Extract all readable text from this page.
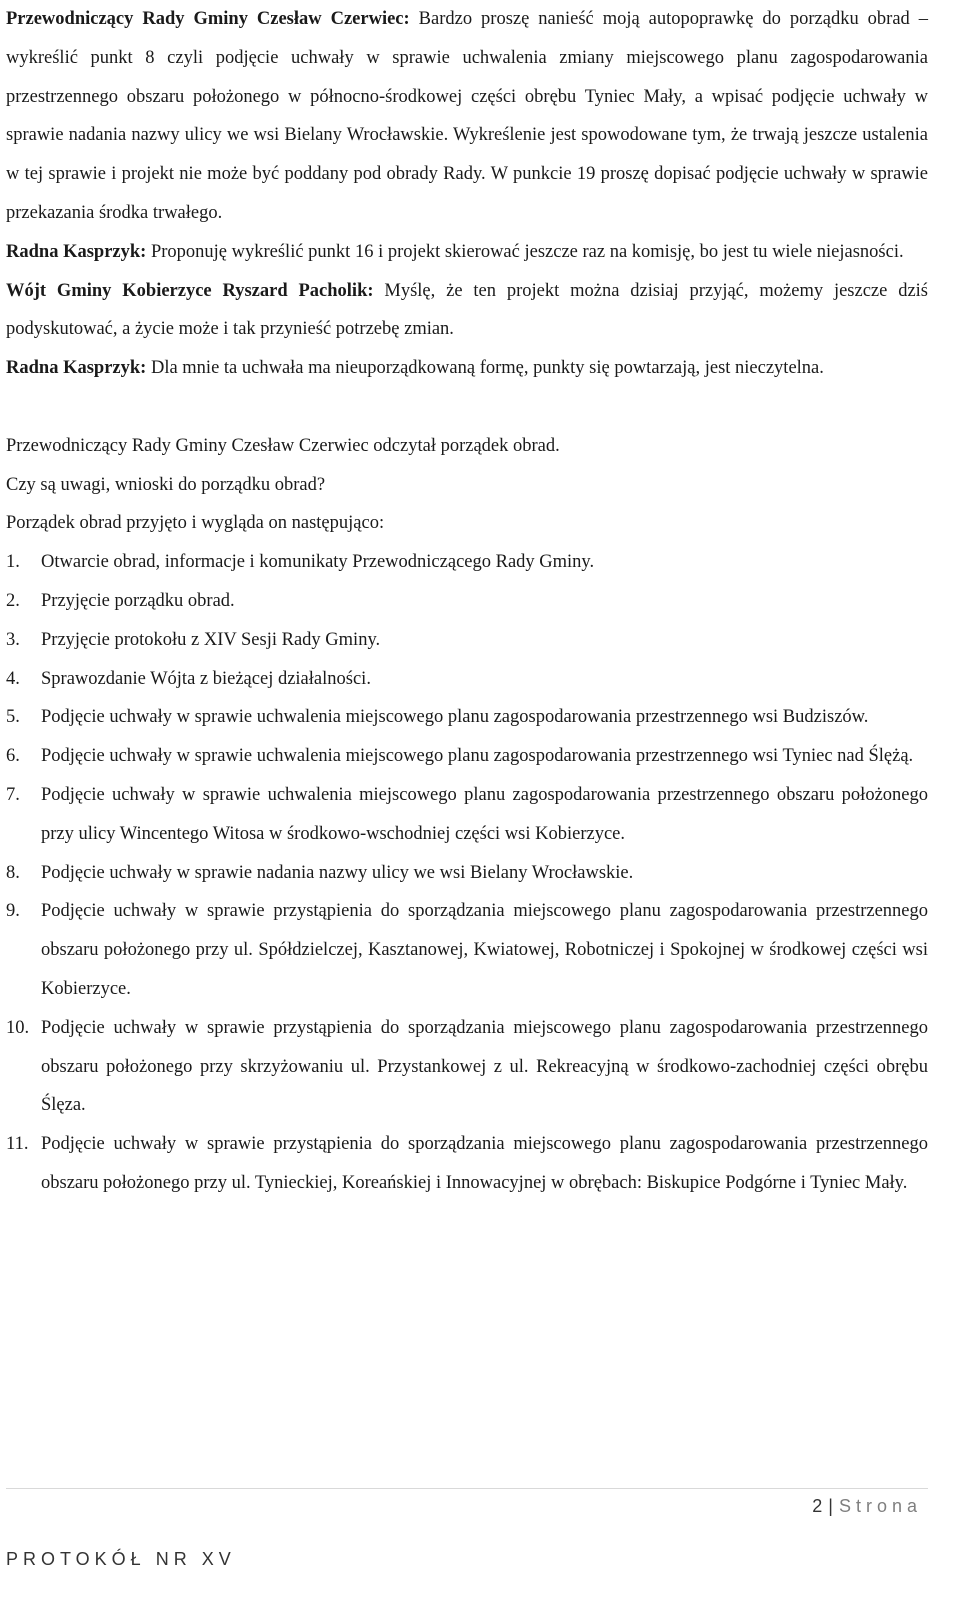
Przewodniczący Rady Gminy Czesław Czerwiec: Bardzo proszę nanieść moją autopoprawkę do porządku obrad – wykreślić punkt 8 czyli podjęcie uchwały w sprawie uchwalenia zmiany miejscowego planu zagospodarowania przestrzennego obszaru położonego w północno-środkowej części obrębu Tyniec Mały, a wpisać podjęcie uchwały w sprawie nadania nazwy ulicy we wsi Bielany Wrocławskie. Wykreślenie jest spowodowane tym, że trwają jeszcze ustalenia w tej sprawie i projekt nie może być poddany pod obrady Rady. W punkcie 19 proszę dopisać podjęcie uchwały w sprawie przekazania środka trwałego.

Radna Kasprzyk: Proponuję wykreślić punkt 16 i projekt skierować jeszcze raz na komisję, bo jest tu wiele niejasności.

Wójt Gminy Kobierzyce Ryszard Pacholik: Myślę, że ten projekt można dzisiaj przyjąć, możemy jeszcze dziś podyskutować, a życie może i tak przynieść potrzebę zmian.

Radna Kasprzyk: Dla mnie ta uchwała ma nieuporządkowaną formę, punkty się powtarzają, jest nieczytelna.

Przewodniczący Rady Gminy Czesław Czerwiec odczytał porządek obrad.

Czy są uwagi, wnioski do porządku obrad?

Porządek obrad przyjęto i wygląda on następująco:

1.	Otwarcie obrad, informacje i komunikaty Przewodniczącego Rady Gminy.
2.	Przyjęcie porządku obrad.
3.	Przyjęcie protokołu z XIV Sesji Rady Gminy.
4.	Sprawozdanie Wójta z bieżącej działalności.
5.	Podjęcie uchwały w sprawie uchwalenia miejscowego planu zagospodarowania przestrzennego wsi Budziszów.
6.	Podjęcie uchwały w sprawie uchwalenia miejscowego planu zagospodarowania przestrzennego wsi Tyniec nad Ślężą.
7.	Podjęcie uchwały w sprawie uchwalenia miejscowego planu zagospodarowania przestrzennego obszaru położonego przy ulicy Wincentego Witosa w środkowo-wschodniej części wsi Kobierzyce.
8.	Podjęcie uchwały w sprawie nadania nazwy ulicy we wsi Bielany Wrocławskie.
9.	Podjęcie uchwały w sprawie przystąpienia do sporządzania miejscowego planu zagospodarowania przestrzennego obszaru położonego przy ul. Spółdzielczej, Kasztanowej, Kwiatowej, Robotniczej i Spokojnej w środkowej części wsi Kobierzyce.
10. Podjęcie uchwały w sprawie przystąpienia do sporządzania miejscowego planu zagospodarowania przestrzennego obszaru położonego przy skrzyżowaniu ul. Przystankowej z ul. Rekreacyjną w środkowo-zachodniej części obrębu Ślęza.
11. Podjęcie uchwały w sprawie przystąpienia do sporządzania miejscowego planu zagospodarowania przestrzennego obszaru położonego przy ul. Tynieckiej, Koreańskiej i Innowacyjnej w obrębach: Biskupice Podgórne i Tyniec Mały.
2 | Strona
PROTOKÓŁ NR XV
